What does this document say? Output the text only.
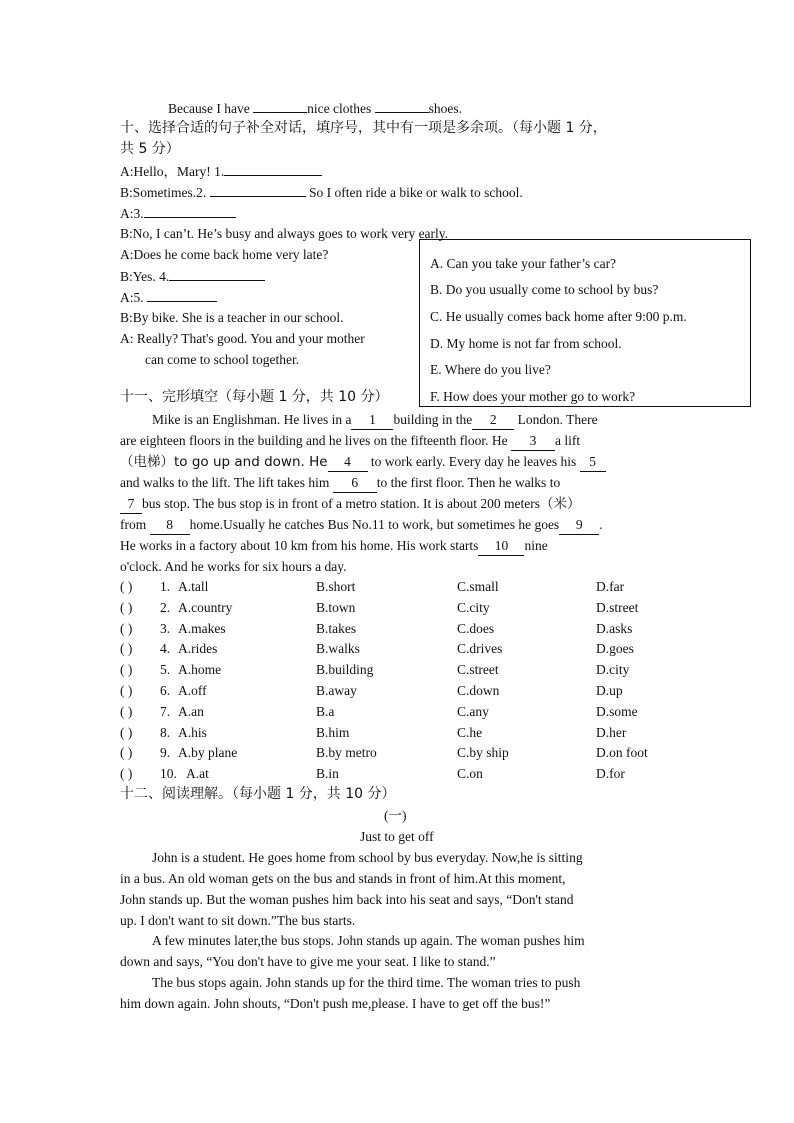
Because I have	nice clothes	shoes.
十、选择合适的句子补全对话，填序号，其中有一项是多余项。（每小题 1 分，
共 5 分）
A:Hello，Mary! 1.
B:Sometimes.2.	So I often ride a bike or walk to school.
A:3.
B:No, I can’t. He’s busy and always goes to work very early.
A:Does he come back home very late?
B:Yes. 4.
A:5.
B:By bike. She is a teacher in our school.
A: Really? That's good. You and your mother
can come to school together.
A. Can you take your father’s car?
B. Do you usually come to school by bus?
C. He usually comes back home after 9:00 p.m.
D. My home is not far from school.
E. Where do you live?
F. How does your mother go to work?
十一、完形填空（每小题 1 分，共 10 分）
Mike is an Englishman. He lives in a 1 building in the 2 London. There
are eighteen floors in the building and he lives on the fifteenth floor. He 3 a lift
（电梯）to go up and down. He 4 to work early. Every day he leaves his 5
and walks to the lift. The lift takes him 6 to the first floor. Then he walks to
7 bus stop. The bus stop is in front of a metro station. It is about 200 meters（米）
from 8 home.Usually he catches Bus No.11 to work, but sometimes he goes 9 .
He works in a factory about 10 km from his home. His work starts 10 nine
o'clock. And he works for six hours a day.
( ) 1. A.tall	B.short	C.small	D.far
( ) 2. A.country	B.town	C.city	D.street
( ) 3. A.makes	B.takes	C.does	D.asks
( ) 4. A.rides	B.walks	C.drives	D.goes
( ) 5. A.home	B.building	C.street	D.city
( ) 6. A.off	B.away	C.down	D.up
( ) 7. A.an	B.a	C.any	D.some
( ) 8. A.his	B.him	C.he	D.her
( ) 9. A.by plane	B.by metro	C.by ship	D.on foot
( ) 10. A.at	B.in	C.on	D.for
十二、阅读理解。（每小题 1 分，共 10 分）
(一)
Just to get off
John is a student. He goes home from school by bus everyday. Now,he is sitting
in a bus. An old woman gets on the bus and stands in front of him.At this moment,
John stands up. But the woman pushes him back into his seat and says, “Don't stand
up. I don't want to sit down.”The bus starts.
A few minutes later,the bus stops. John stands up again. The woman pushes him
down and says, “You don't have to give me your seat. I like to stand.”
The bus stops again. John stands up for the third time. The woman tries to push
him down again. John shouts, “Don't push me,please. I have to get off the bus!”
